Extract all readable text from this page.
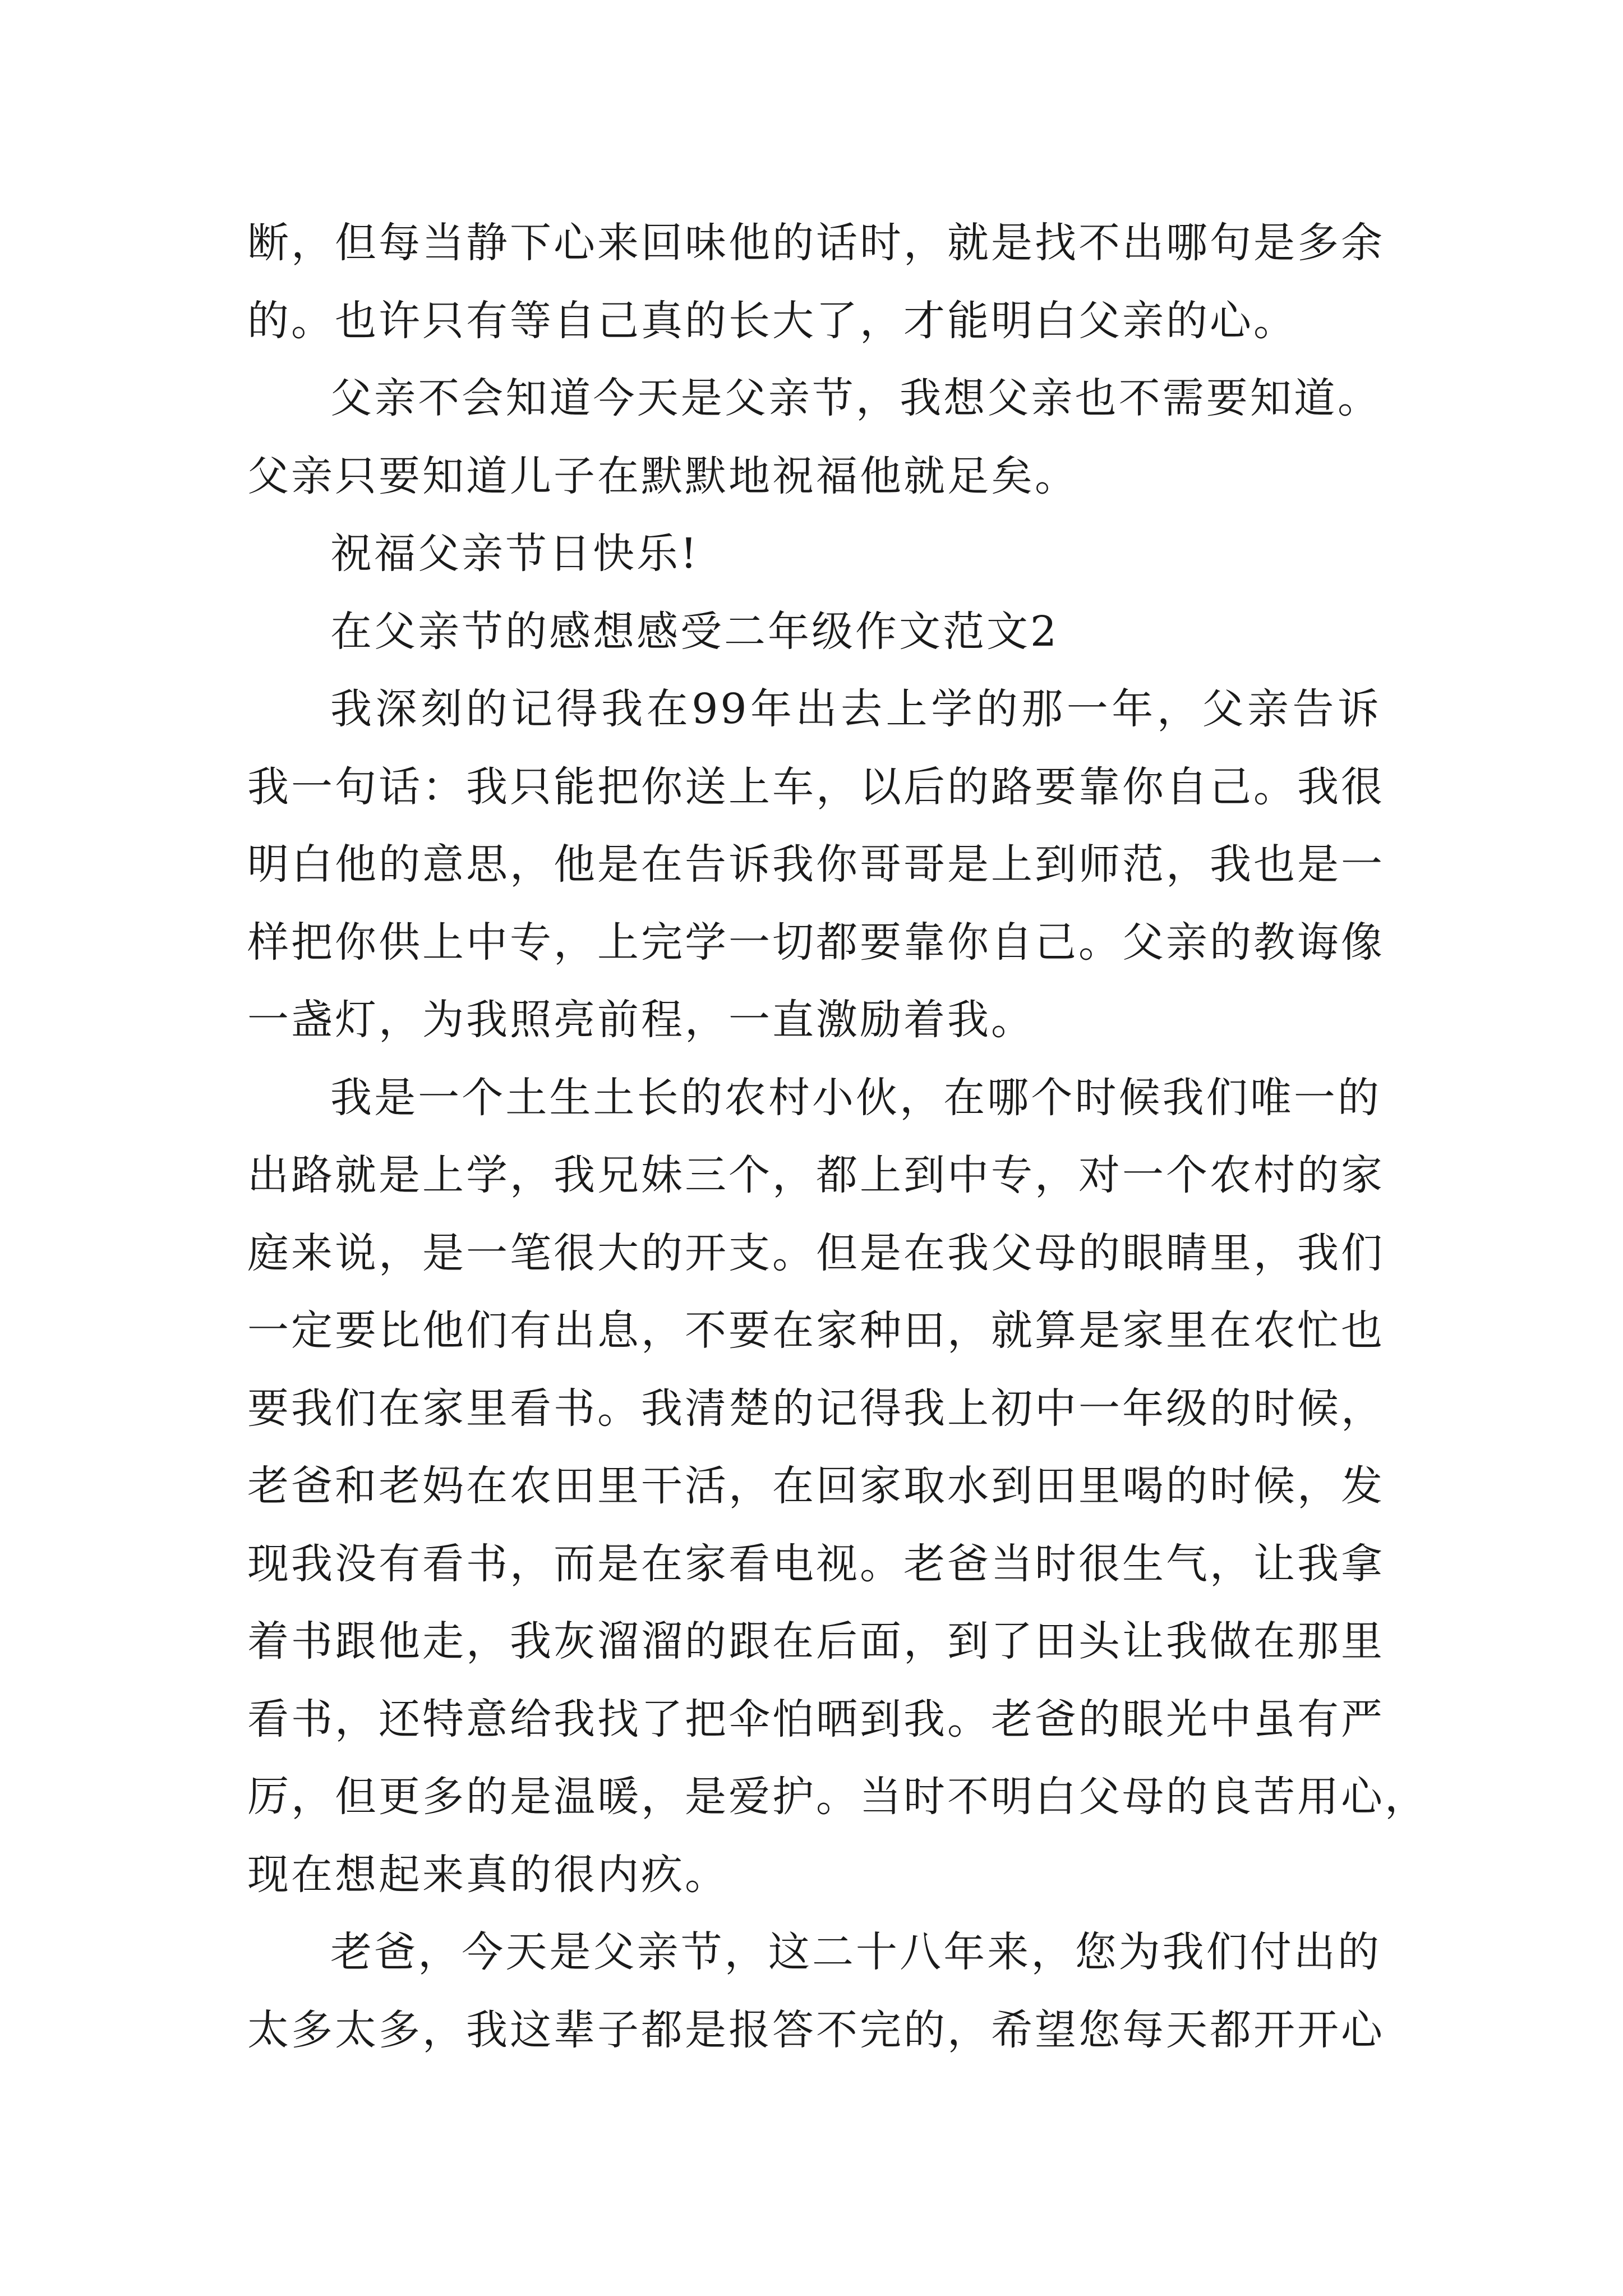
断，但每当静下心来回味他的话时，就是找不出哪句是多余
的。也许只有等自己真的长大了，才能明白父亲的心。

父亲不会知道今天是父亲节，我想父亲也不需要知道。
父亲只要知道儿子在默默地祝福他就足矣。

祝福父亲节日快乐!

在父亲节的感想感受二年级作文范文2

我深刻的记得我在99年出去上学的那一年，父亲告诉
我一句话：我只能把你送上车，以后的路要靠你自己。我很
明白他的意思，他是在告诉我你哥哥是上到师范，我也是一
样把你供上中专，上完学一切都要靠你自己。父亲的教诲像
一盏灯，为我照亮前程，一直激励着我。

我是一个土生土长的农村小伙，在哪个时候我们唯一的
出路就是上学，我兄妹三个，都上到中专，对一个农村的家
庭来说，是一笔很大的开支。但是在我父母的眼睛里，我们
一定要比他们有出息，不要在家种田，就算是家里在农忙也
要我们在家里看书。我清楚的记得我上初中一年级的时候，
老爸和老妈在农田里干活，在回家取水到田里喝的时候，发
现我没有看书，而是在家看电视。老爸当时很生气，让我拿
着书跟他走，我灰溜溜的跟在后面，到了田头让我做在那里
看书，还特意给我找了把伞怕晒到我。老爸的眼光中虽有严
厉，但更多的是温暖，是爱护。当时不明白父母的良苦用心，
现在想起来真的很内疚。

老爸，今天是父亲节，这二十八年来，您为我们付出的
太多太多，我这辈子都是报答不完的，希望您每天都开开心
